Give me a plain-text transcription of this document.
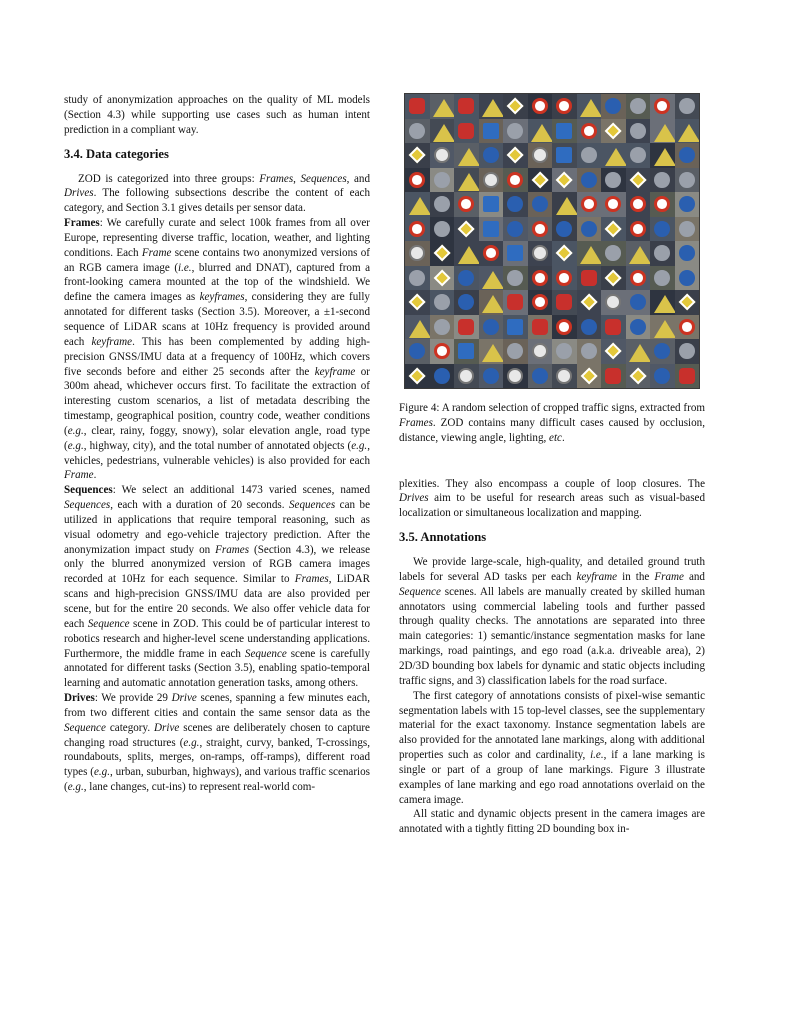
study of anonymization approaches on the quality of ML models (Section 4.3) while supporting use cases such as human intent prediction in a compliant way.

3.4. Data categories

ZOD is categorized into three groups: Frames, Sequences, and Drives. The following subsections describe the content of each category, and Section 3.1 gives details per sensor data.

Frames: We carefully curate and select 100k frames from all over Europe, representing diverse traffic, location, weather, and lighting conditions. Each Frame scene contains two anonymized versions of an RGB camera image (i.e., blurred and DNAT), captured from a front-looking camera mounted at the top of the windshield. We define the camera images as keyframes, considering they are fully annotated for different tasks (Section 3.5). Moreover, a ±1-second sequence of LiDAR scans at 10Hz frequency is provided around each keyframe. This has been complemented by adding high-precision GNSS/IMU data at a frequency of 100Hz, which covers five seconds before and either 25 seconds after the keyframe or 300m ahead, whichever occurs first. To facilitate the extraction of interesting custom scenarios, a list of metadata describing the timestamp, geographical position, country code, weather conditions (e.g., clear, rainy, foggy, snowy), solar elevation angle, road type (e.g., highway, city), and the total number of annotated objects (e.g., vehicles, pedestrians, vulnerable vehicles) is also provided for each Frame.

Sequences: We select an additional 1473 varied scenes, named Sequences, each with a duration of 20 seconds. Sequences can be utilized in applications that require temporal reasoning, such as visual odometry and ego-vehicle trajectory prediction. After the anonymization impact study on Frames (Section 4.3), we release only the blurred anonymized version of RGB camera images recorded at 10Hz for each sequence. Similar to Frames, LiDAR scans and high-precision GNSS/IMU data are also provided per scene, but for the entire 20 seconds. We also offer vehicle data for each Sequence scene in ZOD. This could be of particular interest to robotics research and higher-level scene understanding applications. Furthermore, the middle frame in each Sequence scene is carefully annotated for different tasks (Section 3.5), enabling spatio-temporal learning and automatic annotation generation tasks, among others.

Drives: We provide 29 Drive scenes, spanning a few minutes each, from two different cities and contain the same sensor data as the Sequence category. Drive scenes are deliberately chosen to capture changing road structures (e.g., straight, curvy, banked, T-crossings, roundabouts, splits, merges, on-ramps, off-ramps), different road types (e.g., urban, suburban, highways), and various traffic scenarios (e.g., lane changes, cut-ins) to represent real-world com-

Figure 4: A random selection of cropped traffic signs, extracted from Frames. ZOD contains many difficult cases caused by occlusion, distance, viewing angle, lighting, etc.

plexities. They also encompass a couple of loop closures. The Drives aim to be useful for research areas such as visual-based localization or simultaneous localization and mapping.

3.5. Annotations

We provide large-scale, high-quality, and detailed ground truth labels for several AD tasks per each keyframe in the Frame and Sequence scenes. All labels are manually created by skilled human annotators using commercial labeling tools and further passed through quality checks. The annotations are separated into three main categories: 1) semantic/instance segmentation masks for lane markings, road paintings, and ego road (a.k.a. driveable area), 2) 2D/3D bounding box labels for dynamic and static objects including traffic signs, and 3) classification labels for the road surface.

The first category of annotations consists of pixel-wise semantic segmentation labels with 15 top-level classes, see the supplementary material for the exact taxonomy. Instance segmentation labels are also provided for the annotated lane markings, along with additional properties such as color and cardinality, i.e., if a lane marking is single or part of a group of lane markings. Figure 3 illustrate examples of lane marking and ego road annotations overlaid on the camera image.

All static and dynamic objects present in the camera images are annotated with a tightly fitting 2D bounding box in-
